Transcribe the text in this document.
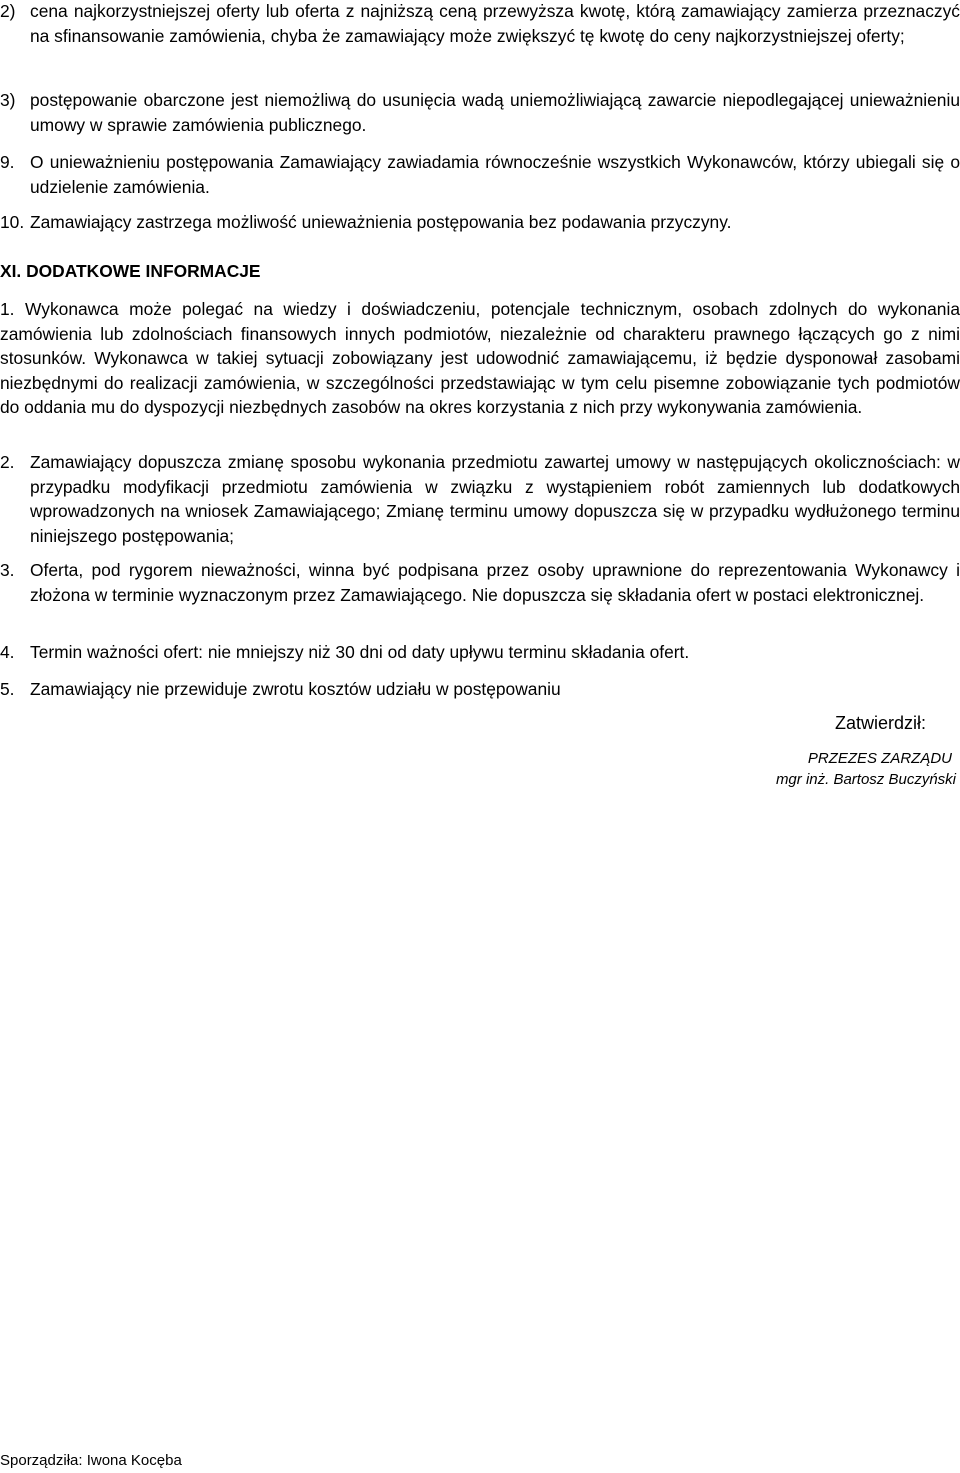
2) cena najkorzystniejszej oferty lub oferta z najniższą ceną przewyższa kwotę, którą zamawiający zamierza przeznaczyć na sfinansowanie zamówienia, chyba że zamawiający może zwiększyć tę kwotę do ceny najkorzystniejszej oferty;
3) postępowanie obarczone jest niemożliwą do usunięcia wadą uniemożliwiającą zawarcie niepodlegającej unieważnieniu umowy w sprawie zamówienia publicznego.
9. O unieważnieniu postępowania Zamawiający zawiadamia równocześnie wszystkich Wykonawców, którzy ubiegali się o udzielenie zamówienia.
10. Zamawiający zastrzega możliwość unieważnienia postępowania bez podawania przyczyny.
XI. DODATKOWE INFORMACJE
1. Wykonawca może polegać na wiedzy i doświadczeniu, potencjale technicznym, osobach zdolnych do wykonania zamówienia lub zdolnościach finansowych innych podmiotów, niezależnie od charakteru prawnego łączących go z nimi stosunków. Wykonawca w takiej sytuacji zobowiązany jest udowodnić zamawiającemu, iż będzie dysponował zasobami niezbędnymi do realizacji zamówienia, w szczególności przedstawiając w tym celu pisemne zobowiązanie tych podmiotów do oddania mu do dyspozycji niezbędnych zasobów na okres korzystania z nich przy wykonywania zamówienia.
2. Zamawiający dopuszcza zmianę sposobu wykonania przedmiotu zawartej umowy w następujących okolicznościach: w przypadku modyfikacji przedmiotu zamówienia w związku z wystąpieniem robót zamiennych lub dodatkowych wprowadzonych na wniosek Zamawiającego; Zmianę terminu umowy dopuszcza się w przypadku wydłużonego terminu niniejszego postępowania;
3. Oferta, pod rygorem nieważności, winna być podpisana przez osoby uprawnione do reprezentowania Wykonawcy i złożona w terminie wyznaczonym przez Zamawiającego. Nie dopuszcza się składania ofert w postaci elektronicznej.
4. Termin ważności ofert: nie mniejszy niż 30 dni od daty upływu terminu składania ofert.
5. Zamawiający nie przewiduje zwrotu kosztów udziału w postępowaniu
Zatwierdził:
PRZEZES ZARZĄDU
mgr inż. Bartosz Buczyński
Sporządziła: Iwona Kocęba
